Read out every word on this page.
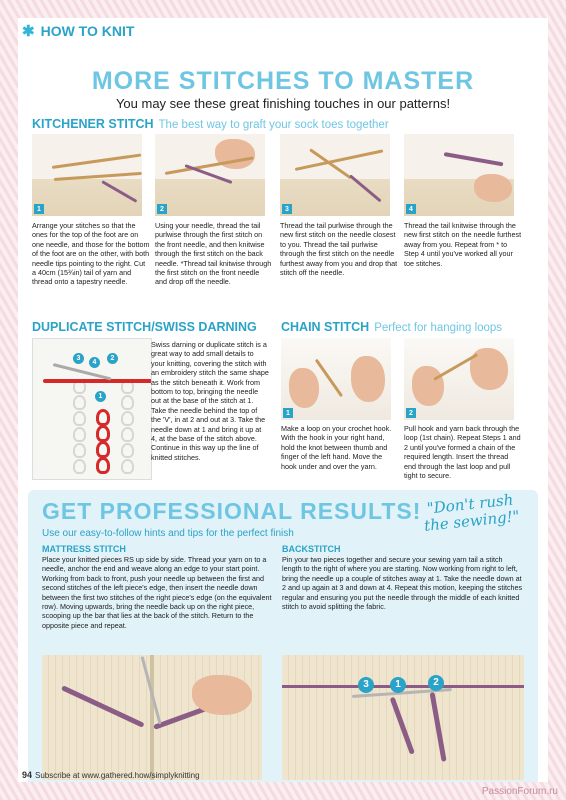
✱ HOW TO KNIT
MORE STITCHES TO MASTER
You may see these great finishing touches in our patterns!
KITCHENER STITCH The best way to graft your sock toes together
1	2	3	4
Arrange your stitches so that the ones for the top of the foot are on one needle, and those for the bottom of the foot are on the other, with both needle tips pointing to the right. Cut a 40cm (15¾in) tail of yarn and thread onto a tapestry needle.
Using your needle, thread the tail purlwise through the first stitch on the front needle, and then knitwise through the first stitch on the back needle. *Thread tail knitwise through the first stitch on the front needle and drop off the needle.
Thread the tail purlwise through the new first stitch on the needle closest to you. Thread the tail purlwise through the first stitch on the needle furthest away from you and drop that stitch off the needle.
Thread the tail knitwise through the new first stitch on the needle furthest away from you. Repeat from * to Step 4 until you've worked all your toe stitches.
DUPLICATE STITCH/SWISS DARNING
3
4
2
1
Swiss darning or duplicate stitch is a great way to add small details to your knitting, covering the stitch with an embroidery stitch the same shape as the stitch beneath it. Work from bottom to top, bringing the needle out at the base of the stitch at 1. Take the needle behind the top of the 'V', in at 2 and out at 3. Take the needle down at 1 and bring it up at 4, at the base of the stitch above. Continue in this way up the line of knitted stitches.
CHAIN STITCH Perfect for hanging loops
1	2
Make a loop on your crochet hook. With the hook in your right hand, hold the knot between thumb and finger of the left hand. Move the hook under and over the yarn.
Pull hook and yarn back through the loop (1st chain). Repeat Steps 1 and 2 until you've formed a chain of the required length. Insert the thread end through the last loop and pull tight to secure.
GET PROFESSIONAL RESULTS!
Use our easy-to-follow hints and tips for the perfect finish
"Don't rush the sewing!"
MATTRESS STITCH
Place your knitted pieces RS up side by side. Thread your yarn on to a needle, anchor the end and weave along an edge to your start point. Working from back to front, push your needle up between the first and second stitches of the left piece's edge, then insert the needle down between the first two stitches of the right piece's edge (on the equivalent row). Moving upwards, bring the needle back up on the right piece, scooping up the bar that lies at the back of the stitch. Return to the opposite piece and repeat.
BACKSTITCH
Pin your two pieces together and secure your sewing yarn tail a stitch length to the right of where you are starting. Now working from right to left, bring the needle up a couple of stitches away at 1. Take the needle down at 2 and up again at 3 and down at 4. Repeat this motion, keeping the stitches regular and ensuring you put the needle through the middle of each knitted stitch to avoid splitting the fabric.
3	1	2
94 Subscribe at www.gathered.how/simplyknitting
PassionForum.ru
